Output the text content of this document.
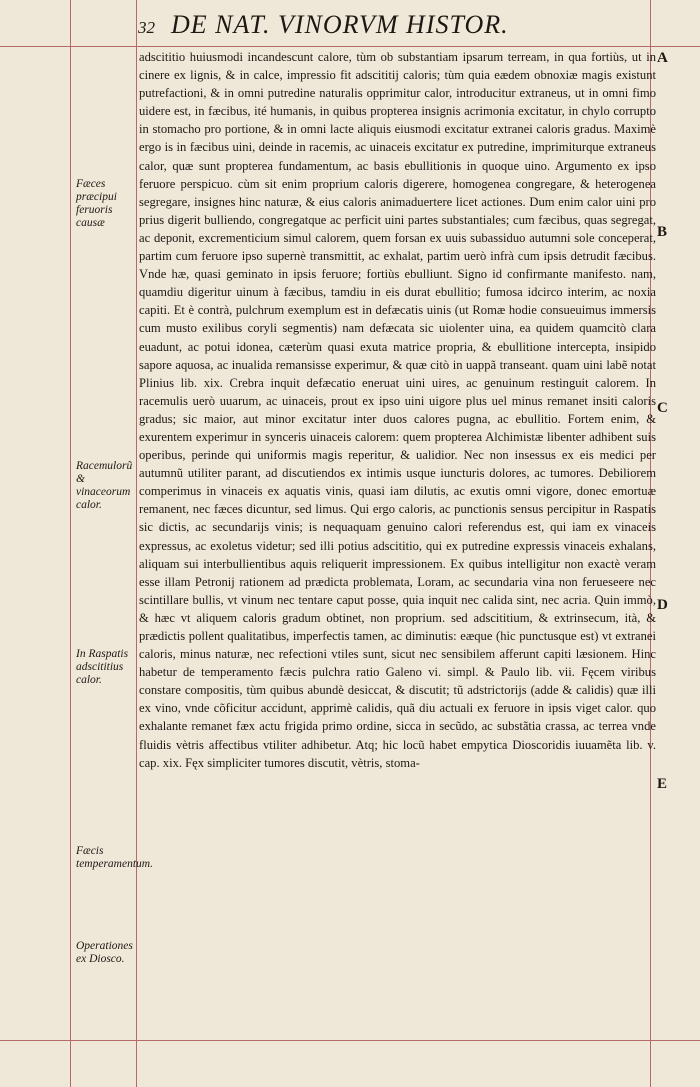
32 DE NAT. VINORVM HISTOR.

adscititio huiusmodi incandescunt calore, tùm ob substantiam ipsarum terream, in qua fortiùs, ut in cinere ex lignis, & in calce, impressio fit adscititij caloris; tùm quia eædem obnoxiæ magis existunt putrefactioni, & in omni putredine naturalis opprimitur calor, introducitur extraneus, ut in omni fimo uidere est, in fæcibus, ité humanis, in quibus propterea insignis acrimonia excitatur, in chylo corrupto in stomacho pro portione, & in omni lacte aliquis eiusmodi excitatur extranei caloris gradus. Maximè ergo is in fæcibus uini, deinde in racemis, ac uinaceis excitatur ex putredine, imprimiturque extraneus calor, quæ sunt propterea fundamentum, ac basis ebullitionis in quoque uino. Argumento ex ipso feruore perspicuo. cùm sit enim proprium caloris digerere, homogenea congregare, & heterogenea segregare, insignes hinc naturæ, & eius caloris animaduertere licet actiones. Dum enim calor uini pro prius digerit bulliendo, congregatque ac perficit uini partes substantiales; cum fæcibus, quas segregat, ac deponit, excrementicium simul calorem, quem forsan ex uuis subassiduo autumni sole conceperat, partim cum feruore ipso supernè transmittit, ac exhalat, partim uerò infrà cum ipsis detrudit fæcibus. Vnde hæ, quasi geminato in ipsis feruore; fortiùs ebulliunt. Signo id confirmante manifesto. nam, quamdiu digeritur uinum à fæcibus, tamdiu in eis durat ebullitio; fumosa idcirco interim, ac noxia capiti. Et è contrà, pulchrum exemplum est in defæcatis uinis (ut Romæ hodie consueuimus immersis cum musto exilibus coryli segmentis) nam defæcata sic uiolenter uina, ea quidem quamcitò clara euadunt, ac potui idonea, cæterùm quasi exuta matrice propria, & ebullitione intercepta, insipido sapore aquosa, ac inualida remansisse experimur, & quæ citò in uappã transeant. quam uini labẽ notat Plinius lib. xix. Crebra inquit defæcatio eneruat uini uires, ac genuinum restinguit calorem. In racemulis uerò uuarum, ac uinaceis, prout ex ipso uini uigore plus uel minus remanet insiti caloris gradus; sic maior, aut minor excitatur inter duos calores pugna, ac ebullitio. Fortem enim, & exurentem experimur in synceris uinaceis calorem: quem propterea Alchimistæ libenter adhibent suis operibus, perinde qui uniformis magis reperitur, & ualidior. Nec non insessus ex eis medici per autumnũ utiliter parant, ad discutiendos ex intimis usque iuncturis dolores, ac tumores. Debiliorem comperimus in vinaceis ex aquatis vinis, quasi iam dilutis, ac exutis omni vigore, donec emortuæ remanent, nec fæces dicuntur, sed limus. Qui ergo caloris, ac punctionis sensus percipitur in Raspatis sic dictis, ac secundarijs vinis; is nequaquam genuino calori referendus est, qui iam ex vinaceis expressus, ac exoletus videtur; sed illi potius adscititio, qui ex putredine expressis vinaceis exhalans, aliquam sui interbullientibus aquis reliquerit impressionem. Ex quibus intelligitur non exactè veram esse illam Petronij rationem ad prædicta problemata, Loram, ac secundaria vina non ferueseere nec scintillare bullis, vt vinum nec tentare caput posse, quia inquit nec calida sint, nec acria. Quin immò, & hæc vt aliquem caloris gradum obtinet, non proprium. sed adscititium, & extrinsecum, ità, & prædictis pollent qualitatibus, imperfectis tamen, ac diminutis: eæque (hic punctusque est) vt extranei caloris, minus naturæ, nec refectioni vtiles sunt, sicut nec sensibilem afferunt capiti læsionem. Hinc habetur de temperamento fæcis pulchra ratio Galeno vi. simpl. & Paulo lib. vii. Fęcem viribus constare compositis, tùm quibus abundè desiccat, & discutit; tũ adstrictorijs (adde & calidis) quæ illi ex vino, vnde cõficitur accidunt, apprimè calidis, quã diu actuali ex feruore in ipsis viget calor. quo exhalante remanet fæx actu frigida primo ordine, sicca in secũdo, ac substãtia crassa, ac terrea vnde fluidis vètris affectibus vtiliter adhibetur. Atq; hic locũ habet empytica Dioscoridis iuuamẽta lib. v. cap. xix. Fęx simpliciter tumores discutit, vètris, stoma-

Fæces præcipui feruoris causæ
Racemulorũ & vinaceorum calor.
In Raspatis adscititius calor.
Fæcis temperamentum.
Operationes ex Diosco.
A
B
C
D
E
